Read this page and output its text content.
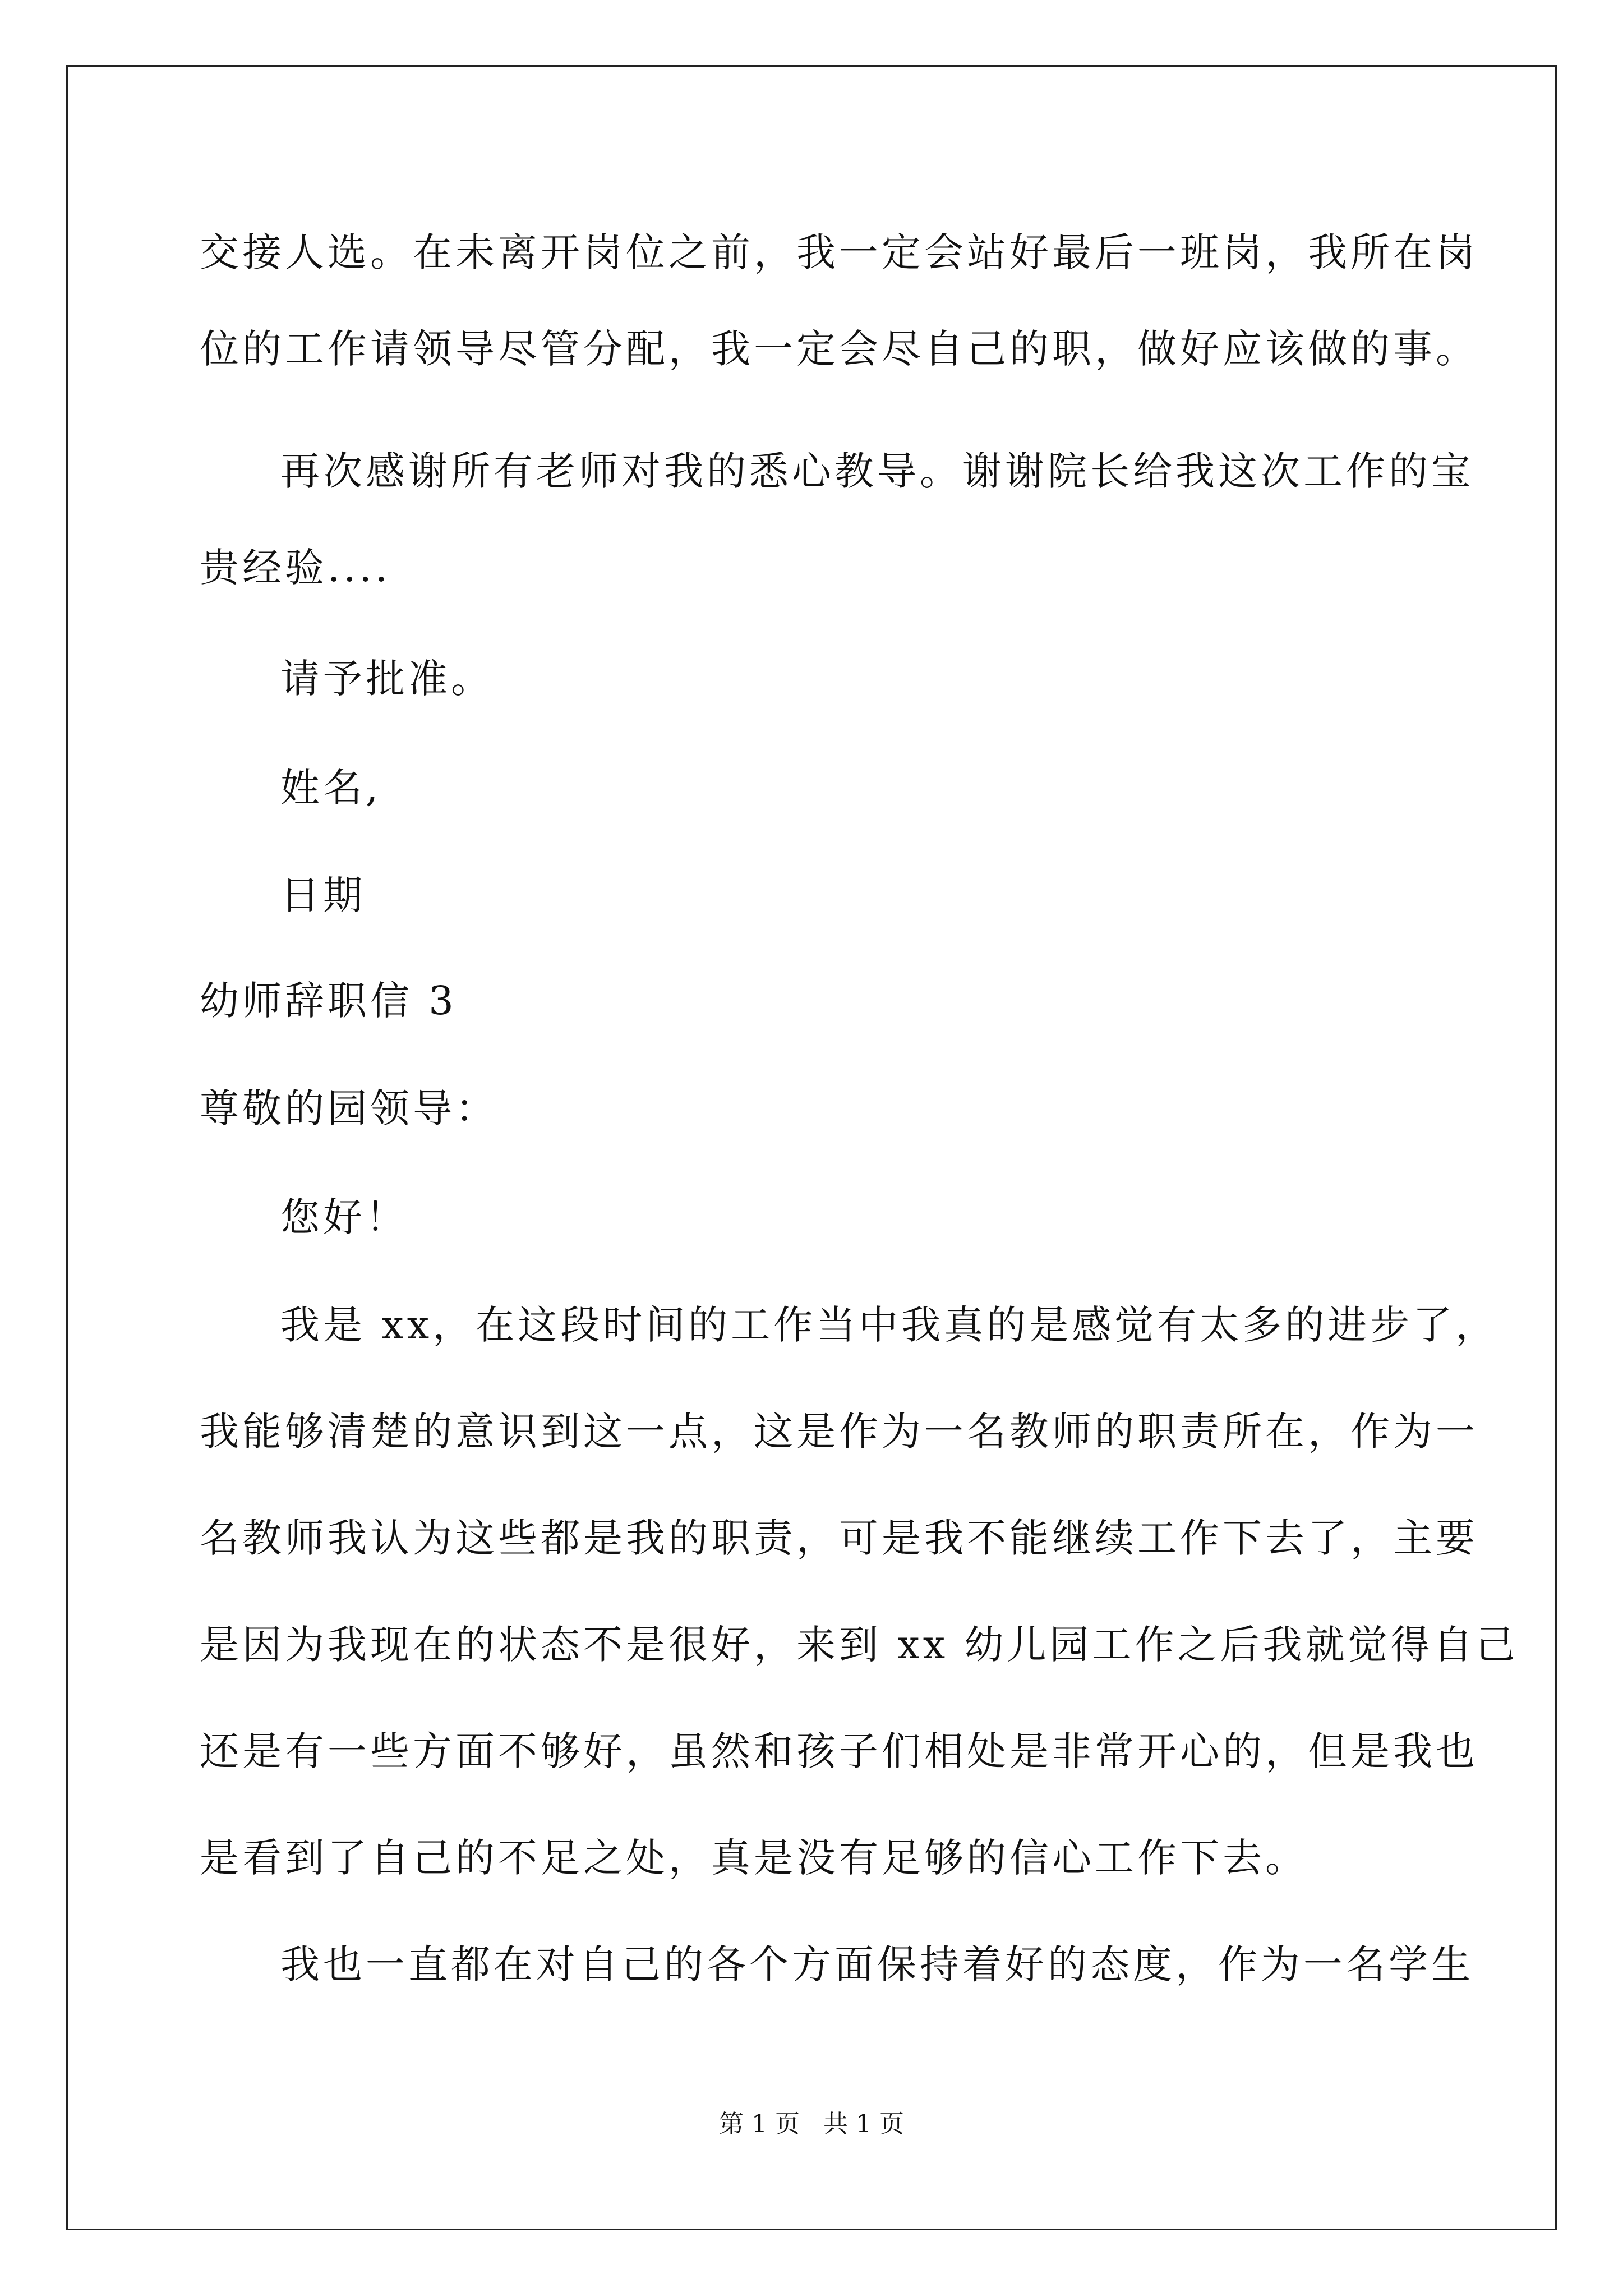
交接人选。在未离开岗位之前，我一定会站好最后一班岗，我所在岗
位的工作请领导尽管分配，我一定会尽自己的职，做好应该做的事。
再次感谢所有老师对我的悉心教导。谢谢院长给我这次工作的宝
贵经验....
请予批准。
姓名,
日期
幼师辞职信 3
尊敬的园领导：
您好！
我是 xx，在这段时间的工作当中我真的是感觉有太多的进步了，
我能够清楚的意识到这一点，这是作为一名教师的职责所在，作为一
名教师我认为这些都是我的职责，可是我不能继续工作下去了，主要
是因为我现在的状态不是很好，来到 xx 幼儿园工作之后我就觉得自己
还是有一些方面不够好，虽然和孩子们相处是非常开心的，但是我也
是看到了自己的不足之处，真是没有足够的信心工作下去。
我也一直都在对自己的各个方面保持着好的态度，作为一名学生
第 1 页   共 1 页
